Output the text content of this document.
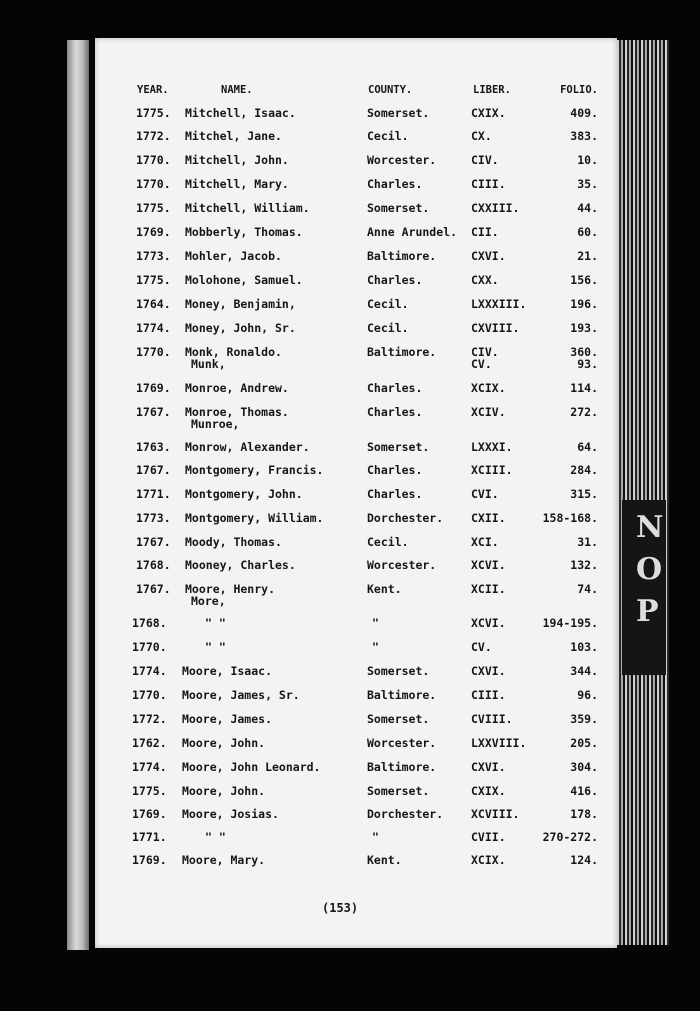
N
O
P
YEAR.	NAME.	COUNTY.	LIBER.	FOLIO.
1775. Mitchell, Isaac.	Somerset.	CXIX.	409.
1772. Mitchel, Jane.	Cecil.	CX.	383.
1770. Mitchell, John.	Worcester.	CIV.	10.
1770. Mitchell, Mary.	Charles.	CIII.	35.
1775. Mitchell, William.	Somerset.	CXXIII.	44.
1769. Mobberly, Thomas.	Anne Arundel. CII.	60.
1773. Mohler, Jacob.	Baltimore.	CXVI.	21.
1775. Molohone, Samuel.	Charles.	CXX.	156.
1764. Money, Benjamin,	Cecil.	LXXXIII.	196.
1774. Money, John, Sr.	Cecil.	CXVIII.	193.
1770. Monk, Ronaldo.	Baltimore.	CIV.	360.
Munk,	CV.	93.
1769. Monroe, Andrew.	Charles.	XCIX.	114.
1767. Monroe, Thomas.	Charles.	XCIV.	272.
Munroe,
1763. Monrow, Alexander.	Somerset.	LXXXI.	64.
1767. Montgomery, Francis.	Charles.	XCIII.	284.
1771. Montgomery, John.	Charles.	CVI.	315.
1773. Montgomery, William.	Dorchester. CXII.	158-168.
1767. Moody, Thomas.	Cecil.	XCI.	31.
1768. Mooney, Charles.	Worcester.	XCVI.	132.
1767. Moore, Henry.	Kent.	XCII.	74.
More,
1768.	" "	"	XCVI.	194-195.
1770.	" "	"	CV.	103.
1774. Moore, Isaac.	Somerset.	CXVI.	344.
1770. Moore, James, Sr.	Baltimore.	CIII.	96.
1772. Moore, James.	Somerset.	CVIII.	359.
1762. Moore, John.	Worcester.	LXXVIII.	205.
1774. Moore, John Leonard.	Baltimore.	CXVI.	304.
1775. Moore, John.	Somerset.	CXIX.	416.
1769. Moore, Josias.	Dorchester. XCVIII.	178.
1771.	" "	"	CVII.	270-272.
1769. Moore, Mary.	Kent.	XCIX.	124.
(153)
